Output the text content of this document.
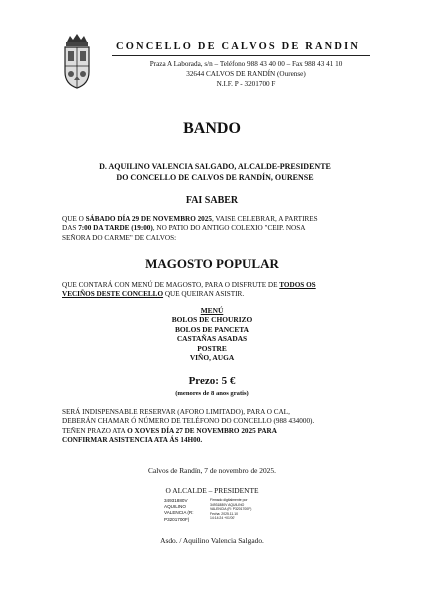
CONCELLO DE CALVOS DE RANDIN
Praza A Laborada, s/n – Teléfono 988 43 40 00 – Fax 988 43 41 10
32644 CALVOS DE RANDÍN (Ourense)
N.I.F. P - 3201700 F
BANDO
D. AQUILINO VALENCIA SALGADO, ALCALDE-PRESIDENTE
DO CONCELLO DE CALVOS DE RANDÍN, OURENSE
FAI SABER
QUE O SÁBADO DÍA 29 DE NOVEMBRO 2025, VAISE CELEBRAR, A PARTIRES
DAS 7:00 DA TARDE (19:00), NO PATIO DO ANTIGO COLEXIO "CEIP. NOSA
SEÑORA DO CARME" DE CALVOS:
MAGOSTO POPULAR
QUE CONTARÁ CON MENÚ DE MAGOSTO, PARA O DISFRUTE DE TODOS OS
VECIÑOS DESTE CONCELLO QUE QUEIRAN ASISTIR.
MENÚ
BOLOS DE CHOURIZO
BOLOS DE PANCETA
CASTAÑAS ASADAS
POSTRE
VIÑO, AUGA
Prezo: 5 €
(menores de 8 anos gratis)
SERÁ INDISPENSABLE RESERVAR (AFORO LIMITADO), PARA O CAL,
DEBERÁN CHAMAR Ó NÚMERO DE TELÉFONO DO CONCELLO (988 434000).
TEÑEN PRAZO ATA O XOVES DÍA 27 DE NOVEMBRO 2025 PARA
CONFIRMAR ASISTENCIA ATA ÁS 14H00.
Calvos de Randín, 7 de novembro de 2025.
O ALCALDE – PRESIDENTE
34931880V
AQUILINO
VALENCIA (R:
P3201700F)
Firmado digitalmente por
34931880V AQUILINO
VALENCIA (R: P3201700F)
Fecha: 2025.11.10
14:14:24 +01'00'
Asdo. / Aquilino Valencia Salgado.
